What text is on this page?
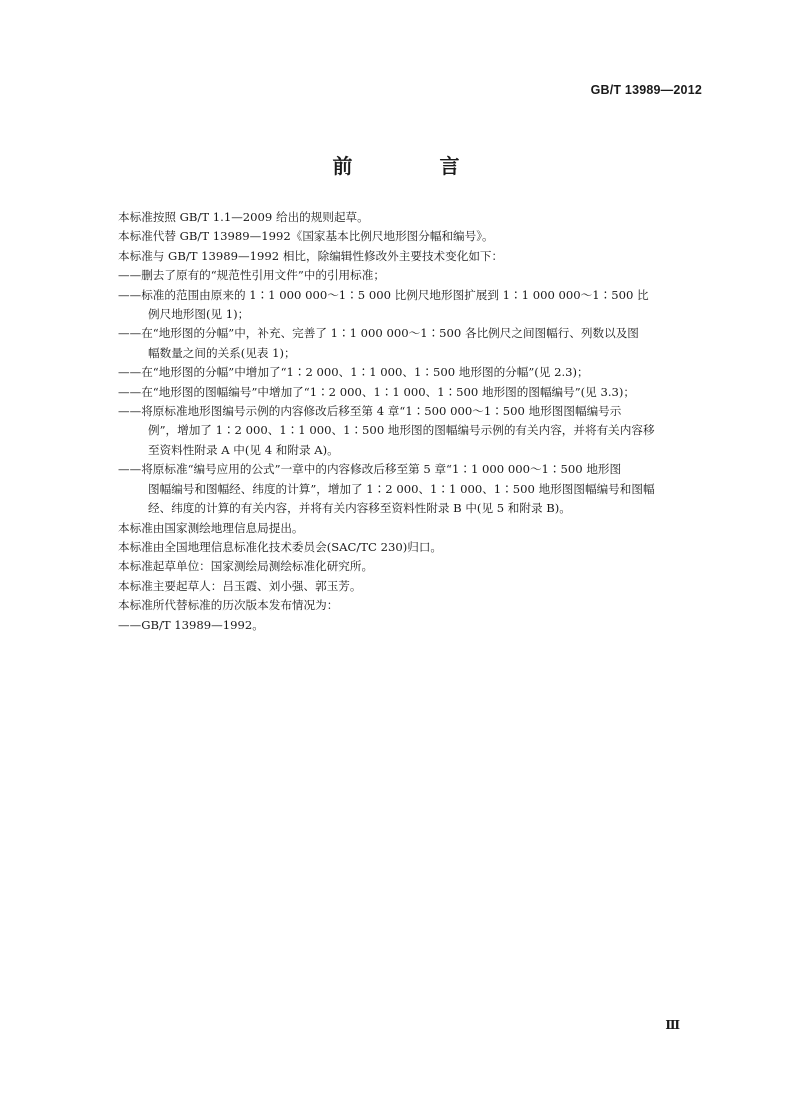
GB/T 13989—2012
前 言
本标准按照 GB/T 1.1—2009 给出的规则起草。
本标准代替 GB/T 13989—1992《国家基本比例尺地形图分幅和编号》。
本标准与 GB/T 13989—1992 相比，除编辑性修改外主要技术变化如下：
——删去了原有的“规范性引用文件”中的引用标准；
——标准的范围由原来的 1∶1 000 000～1∶5 000 比例尺地形图扩展到 1∶1 000 000～1∶500 比
例尺地形图(见 1)；
——在“地形图的分幅”中，补充、完善了 1∶1 000 000～1∶500 各比例尺之间图幅行、列数以及图
幅数量之间的关系(见表 1)；
——在“地形图的分幅”中增加了“1∶2 000、1∶1 000、1∶500 地形图的分幅”(见 2.3)；
——在“地形图的图幅编号”中增加了“1∶2 000、1∶1 000、1∶500 地形图的图幅编号”(见 3.3)；
——将原标准地形图编号示例的内容修改后移至第 4 章“1∶500 000～1∶500 地形图图幅编号示
例”，增加了 1∶2 000、1∶1 000、1∶500 地形图的图幅编号示例的有关内容，并将有关内容移
至资料性附录 A 中(见 4 和附录 A)。
——将原标准“编号应用的公式”一章中的内容修改后移至第 5 章“1∶1 000 000～1∶500 地形图
图幅编号和图幅经、纬度的计算”，增加了 1∶2 000、1∶1 000、1∶500 地形图图幅编号和图幅
经、纬度的计算的有关内容，并将有关内容移至资料性附录 B 中(见 5 和附录 B)。
本标准由国家测绘地理信息局提出。
本标准由全国地理信息标准化技术委员会(SAC/TC 230)归口。
本标准起草单位：国家测绘局测绘标准化研究所。
本标准主要起草人：吕玉霞、刘小强、郭玉芳。
本标准所代替标准的历次版本发布情况为：
——GB/T 13989—1992。
Ⅲ
